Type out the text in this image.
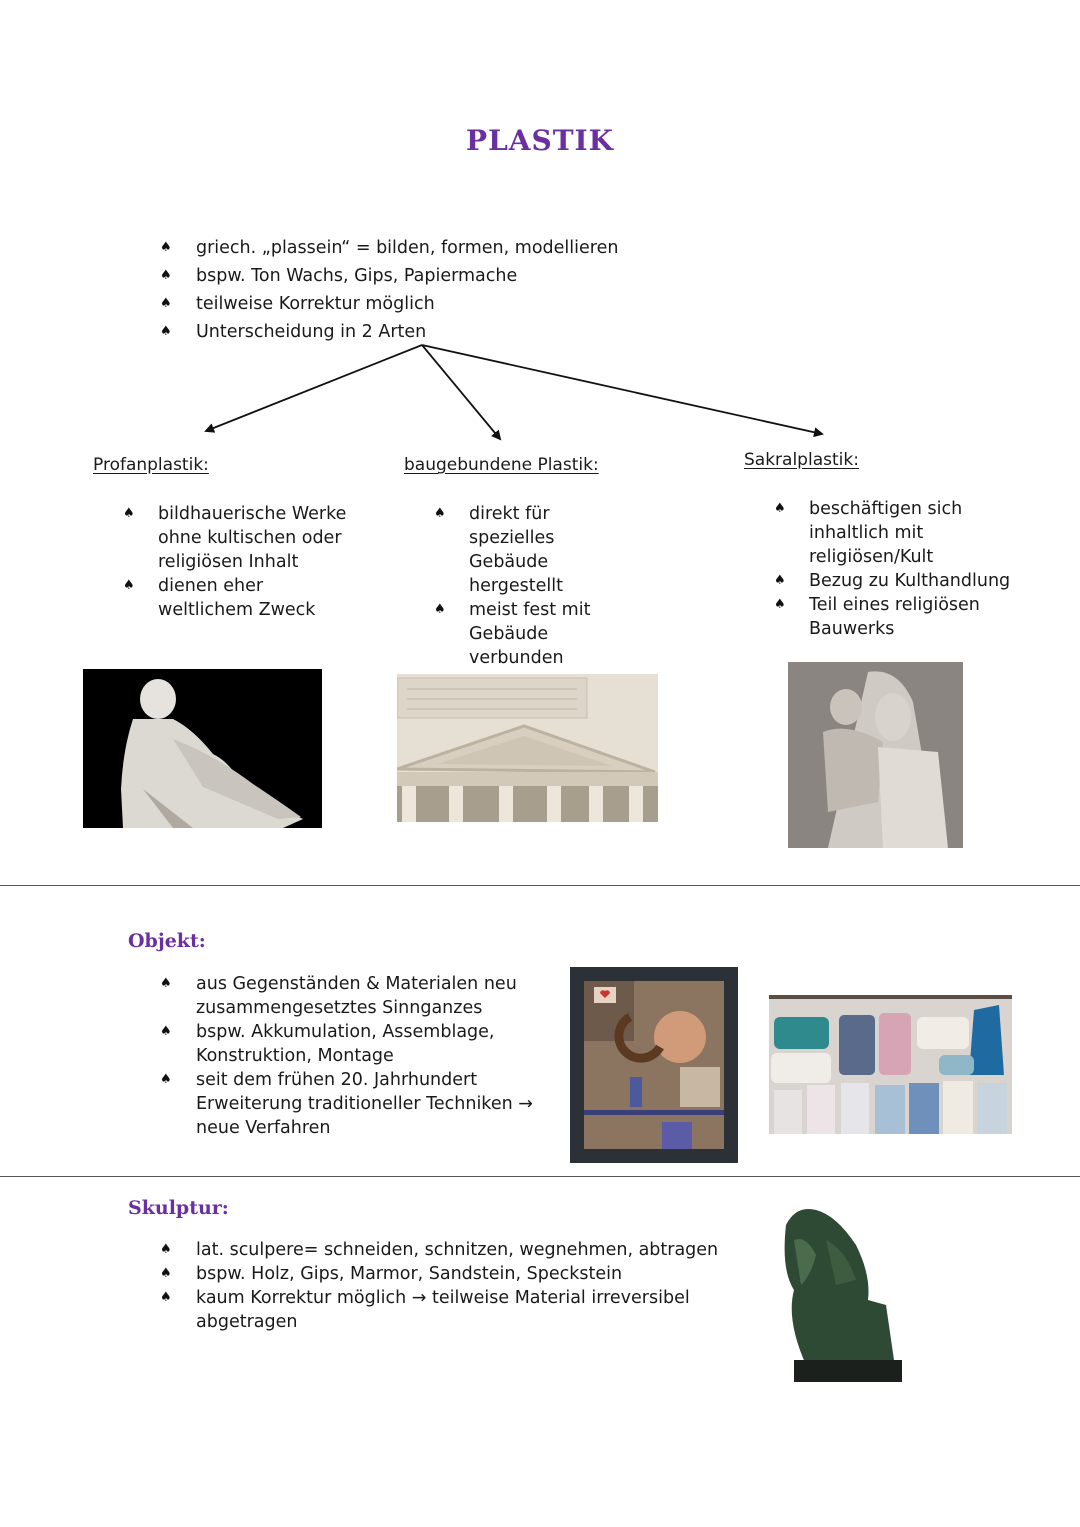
PLASTIK
♠ griech. „plassein“ = bilden, formen, modellieren
♠ bspw. Ton Wachs, Gips, Papiermache
♠ teilweise Korrektur möglich
♠ Unterscheidung in 2 Arten
Profanplastik:
♠ bildhauerische Werke ohne kultischen oder religiösen Inhalt
♠ dienen eher weltlichem Zweck
baugebundene Plastik:
♠ direkt für spezielles Gebäude hergestellt
♠ meist fest mit Gebäude verbunden
Sakralplastik:
♠ beschäftigen sich inhaltlich mit religiösen/Kult
♠ Bezug zu Kulthandlung
♠ Teil eines religiösen Bauwerks
Objekt:
♠ aus Gegenständen & Materialen neu zusammengesetztes Sinnganzes
♠ bspw. Akkumulation, Assemblage, Konstruktion, Montage
♠ seit dem frühen 20. Jahrhundert Erweiterung traditioneller Techniken → neue Verfahren
Skulptur:
♠ lat. sculpere= schneiden, schnitzen, wegnehmen, abtragen
♠ bspw. Holz, Gips, Marmor, Sandstein, Speckstein
♠ kaum Korrektur möglich → teilweise Material irreversibel abgetragen
